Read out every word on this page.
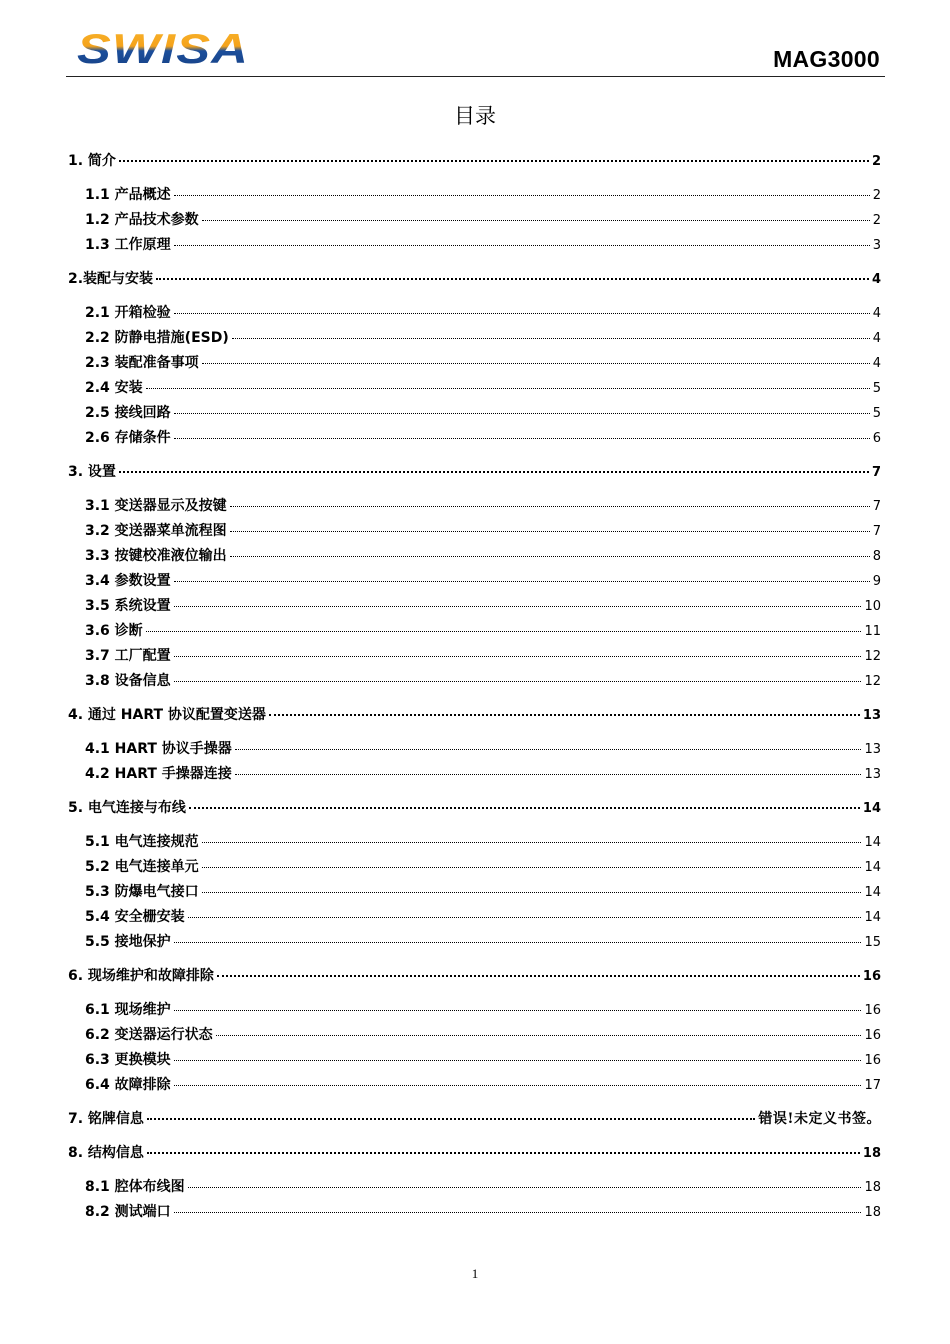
SWISA	MAG3000
目录
1. 简介	2
1.1 产品概述	2
1.2 产品技术参数	2
1.3 工作原理	3
2.装配与安装	4
2.1 开箱检验	4
2.2 防静电措施(ESD)	4
2.3 装配准备事项	4
2.4 安装	5
2.5 接线回路	5
2.6 存储条件	6
3. 设置	7
3.1 变送器显示及按键	7
3.2 变送器菜单流程图	7
3.3 按键校准液位输出	8
3.4 参数设置	9
3.5 系统设置	10
3.6 诊断	11
3.7 工厂配置	12
3.8 设备信息	12
4. 通过 HART 协议配置变送器	13
4.1 HART 协议手操器	13
4.2 HART 手操器连接	13
5. 电气连接与布线	14
5.1 电气连接规范	14
5.2 电气连接单元	14
5.3 防爆电气接口	14
5.4 安全栅安装	14
5.5 接地保护	15
6. 现场维护和故障排除	16
6.1 现场维护	16
6.2 变送器运行状态	16
6.3 更换模块	16
6.4 故障排除	17
7. 铭牌信息	错误!未定义书签。
8. 结构信息	18
8.1 腔体布线图	18
8.2 测试端口	18
1
